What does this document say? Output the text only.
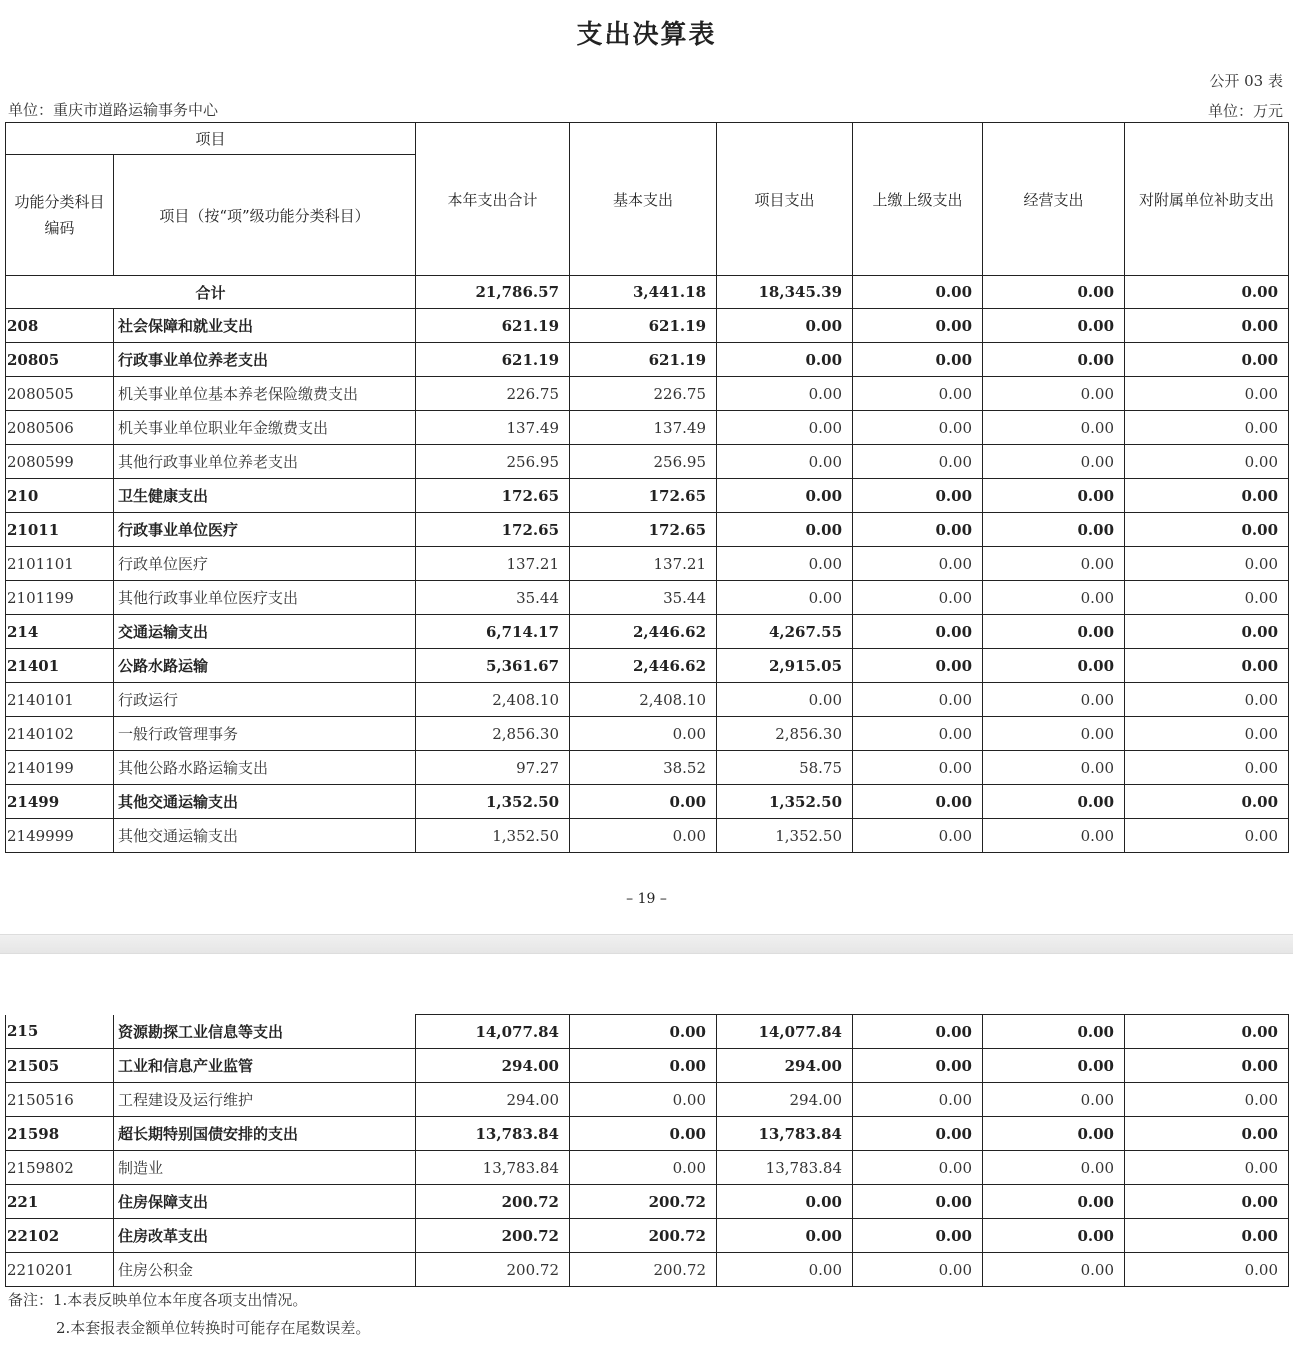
支出决算表
公开 03 表
单位：重庆市道路运输事务中心	单位：万元
项目		本年支出合计	基本支出	项目支出	上缴上级支出	经营支出	对附属单位补助支出
功能分类科目编码	项目（按“项”级功能分类科目）						
合计		21,786.57	3,441.18	18,345.39	0.00	0.00	0.00
208	社会保障和就业支出	621.19	621.19	0.00	0.00	0.00	0.00
20805	行政事业单位养老支出	621.19	621.19	0.00	0.00	0.00	0.00
2080505	机关事业单位基本养老保险缴费支出	226.75	226.75	0.00	0.00	0.00	0.00
2080506	机关事业单位职业年金缴费支出	137.49	137.49	0.00	0.00	0.00	0.00
2080599	其他行政事业单位养老支出	256.95	256.95	0.00	0.00	0.00	0.00
210	卫生健康支出	172.65	172.65	0.00	0.00	0.00	0.00
21011	行政事业单位医疗	172.65	172.65	0.00	0.00	0.00	0.00
2101101	行政单位医疗	137.21	137.21	0.00	0.00	0.00	0.00
2101199	其他行政事业单位医疗支出	35.44	35.44	0.00	0.00	0.00	0.00
214	交通运输支出	6,714.17	2,446.62	4,267.55	0.00	0.00	0.00
21401	公路水路运输	5,361.67	2,446.62	2,915.05	0.00	0.00	0.00
2140101	行政运行	2,408.10	2,408.10	0.00	0.00	0.00	0.00
2140102	一般行政管理事务	2,856.30	0.00	2,856.30	0.00	0.00	0.00
2140199	其他公路水路运输支出	97.27	38.52	58.75	0.00	0.00	0.00
21499	其他交通运输支出	1,352.50	0.00	1,352.50	0.00	0.00	0.00
2149999	其他交通运输支出	1,352.50	0.00	1,352.50	0.00	0.00	0.00
– 19 –
215	资源勘探工业信息等支出	14,077.84	0.00	14,077.84	0.00	0.00	0.00
21505	工业和信息产业监管	294.00	0.00	294.00	0.00	0.00	0.00
2150516	工程建设及运行维护	294.00	0.00	294.00	0.00	0.00	0.00
21598	超长期特别国债安排的支出	13,783.84	0.00	13,783.84	0.00	0.00	0.00
2159802	制造业	13,783.84	0.00	13,783.84	0.00	0.00	0.00
221	住房保障支出	200.72	200.72	0.00	0.00	0.00	0.00
22102	住房改革支出	200.72	200.72	0.00	0.00	0.00	0.00
2210201	住房公积金	200.72	200.72	0.00	0.00	0.00	0.00
备注：1.本表反映单位本年度各项支出情况。
2.本套报表金额单位转换时可能存在尾数误差。
